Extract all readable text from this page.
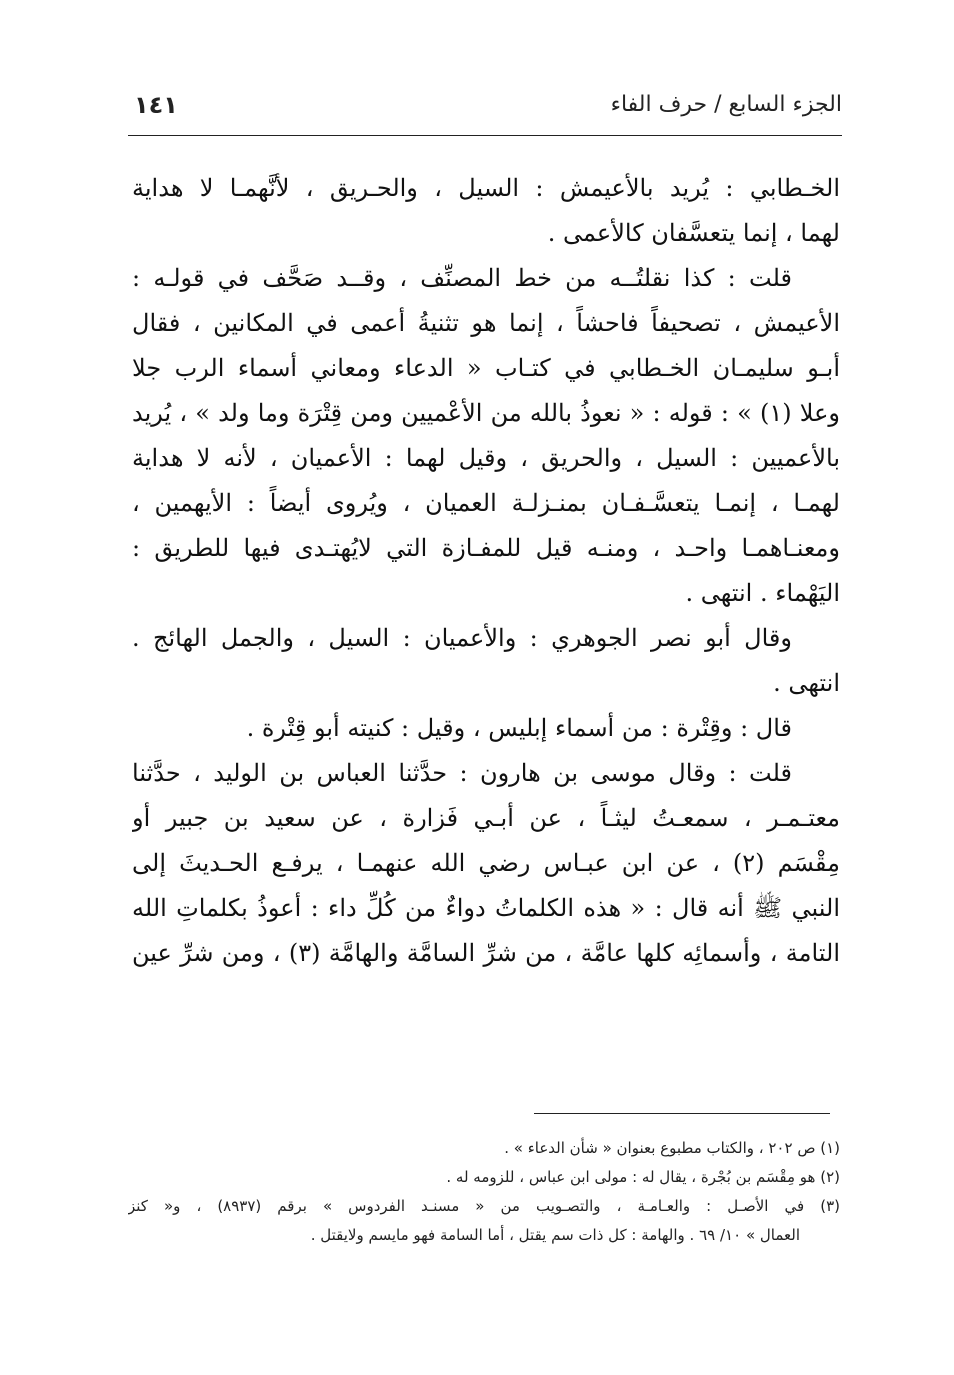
الجزء السابع / حرف الفاء
١٤١
الخـطابي : يُريد بالأعيمش : السيل ، والحـريق ، لأنَّهمـا لا هداية
لهما ، إنما يتعسَّفان كالأعمى .
قلت : كذا نقلتُــه من خط المصنِّف ، وقــد صَحَّف في قولـه :
الأعيمش ، تصحيفاً فاحشاً ، إنما هو تثنيةُ أعمى في المكانين ، فقال
أبـو سليمـان الخـطابي في كتـاب « الدعاء ومعاني أسماء الرب جلا
وعلا (١) » : قوله : « نعوذُ بالله من الأعْميين ومن قِتْرَة وما ولد » ، يُريد
بالأعميين : السيل ، والحريق ، وقيل لهما : الأعميان ، لأنه لا هداية
لهمـا ، إنمـا يتعسَّـفـان بمنـزلـة العميان ، ويُروى أيضاً : الأيهمين ،
ومعنـاهمـا واحـد ، ومنـه قيل للمفـازة التي لايُهتـدى فيها للطريق :
اليَهْماء . انتهى .
وقال أبو نصر الجوهري : والأعميان : السيل ، والجمل الهائج .
انتهى .
قال : وقِتْرة : من أسماء إبليس ، وقيل : كنيته أبو قِتْرة .
قلت : وقال موسى بن هارون : حدَّثنا العباس بن الوليد ، حدَّثنا
معتـمـر ، سمعـتُ ليثـاً ، عن أبـي فَزارة ، عن سعيد بن جبير أو
مِقْسَم (٢) ، عن ابن عبـاس رضي الله عنهمـا ، يرفـع الحـديثَ إلى
النبي ﷺ أنه قال : « هذه الكلماتُ دواءٌ من كُلِّ داء : أعوذُ بكلماتِ الله
التامة ، وأسمائِه كلها عامَّة ، من شرِّ السامَّة والهامَّة (٣) ، ومن شرِّ عين
(١) ص ٢٠٢ ، والكتاب مطبوع بعنوان « شأن الدعاء » .
(٢) هو مِقْسَم بن بُجْرة ، يقال له : مولى ابن عباس ، للزومه له .
(٣) في الأصـل : والعـامـة ، والتصـويب من « مسنـد الفردوس » برقم (٨٩٣٧) ، و« كنز
العمال » ١٠/ ٦٩ . والهامة : كل ذات سم يقتل ، أما السامة فهو مايسم ولايقتل .
